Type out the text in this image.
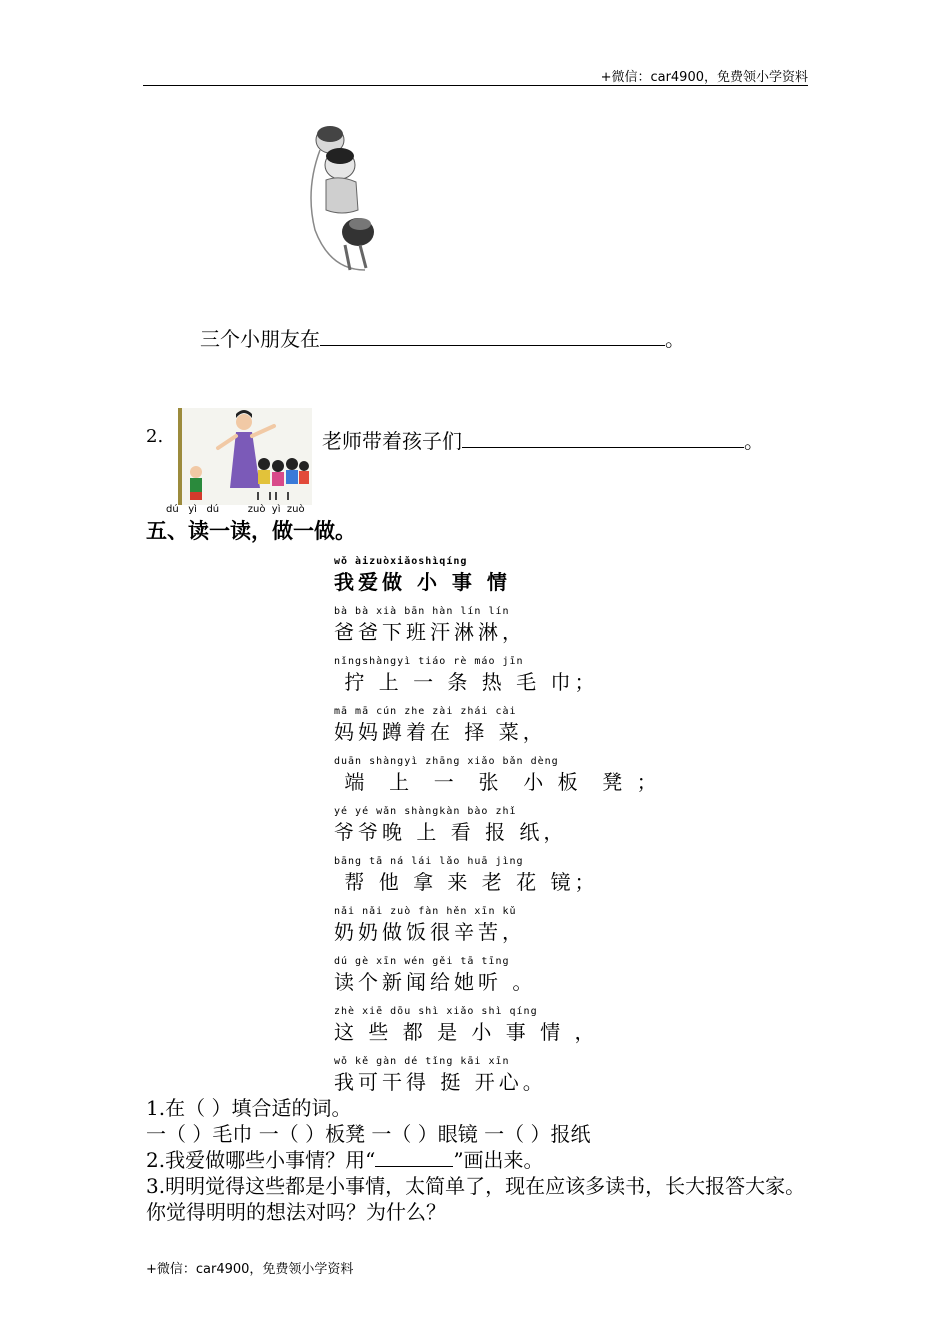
+微信：car4900，免费领小学资料
三个小朋友在	。
2.	老师带着孩子们	。
dú   yì   dú         zuò  yì  zuò
五、读一读，做一做。
wǒ àizuòxiǎoshìqíng
我爱做 小 事 情
bà bà xià bān hàn lín lín
爸爸下班汗淋淋，
nǐngshàngyì tiáo rè máo jīn
拧 上 一 条 热 毛 巾；
mā mā cún zhe zài zhái cài
妈妈蹲着在 择 菜，
duān shàngyì zhāng xiǎo bǎn dèng
端  上  一  张  小 板  凳 ；
yé yé wǎn shàngkàn bào zhǐ
爷爷晚 上 看 报 纸，
bāng tā ná lái lǎo huā jìng
帮 他 拿 来 老 花 镜；
nǎi nǎi zuò fàn hěn xīn kǔ
奶奶做饭很辛苦，
dú gè xīn wén gěi tā tīng
读个新闻给她听 。
zhè xiē dōu shì xiǎo shì qíng
这 些 都 是 小 事 情 ，
wǒ kě gàn dé tǐng kāi xīn
我可干得 挺 开心。
1.在（ ）填合适的词。
一（ ）毛巾 一（ ）板凳 一（ ）眼镜 一（ ）报纸
2.我爱做哪些小事情？用“	”画出来。
3.明明觉得这些都是小事情，太简单了，现在应该多读书，长大报答大家。你觉得明明的想法对吗？为什么？
+微信：car4900，免费领小学资料
